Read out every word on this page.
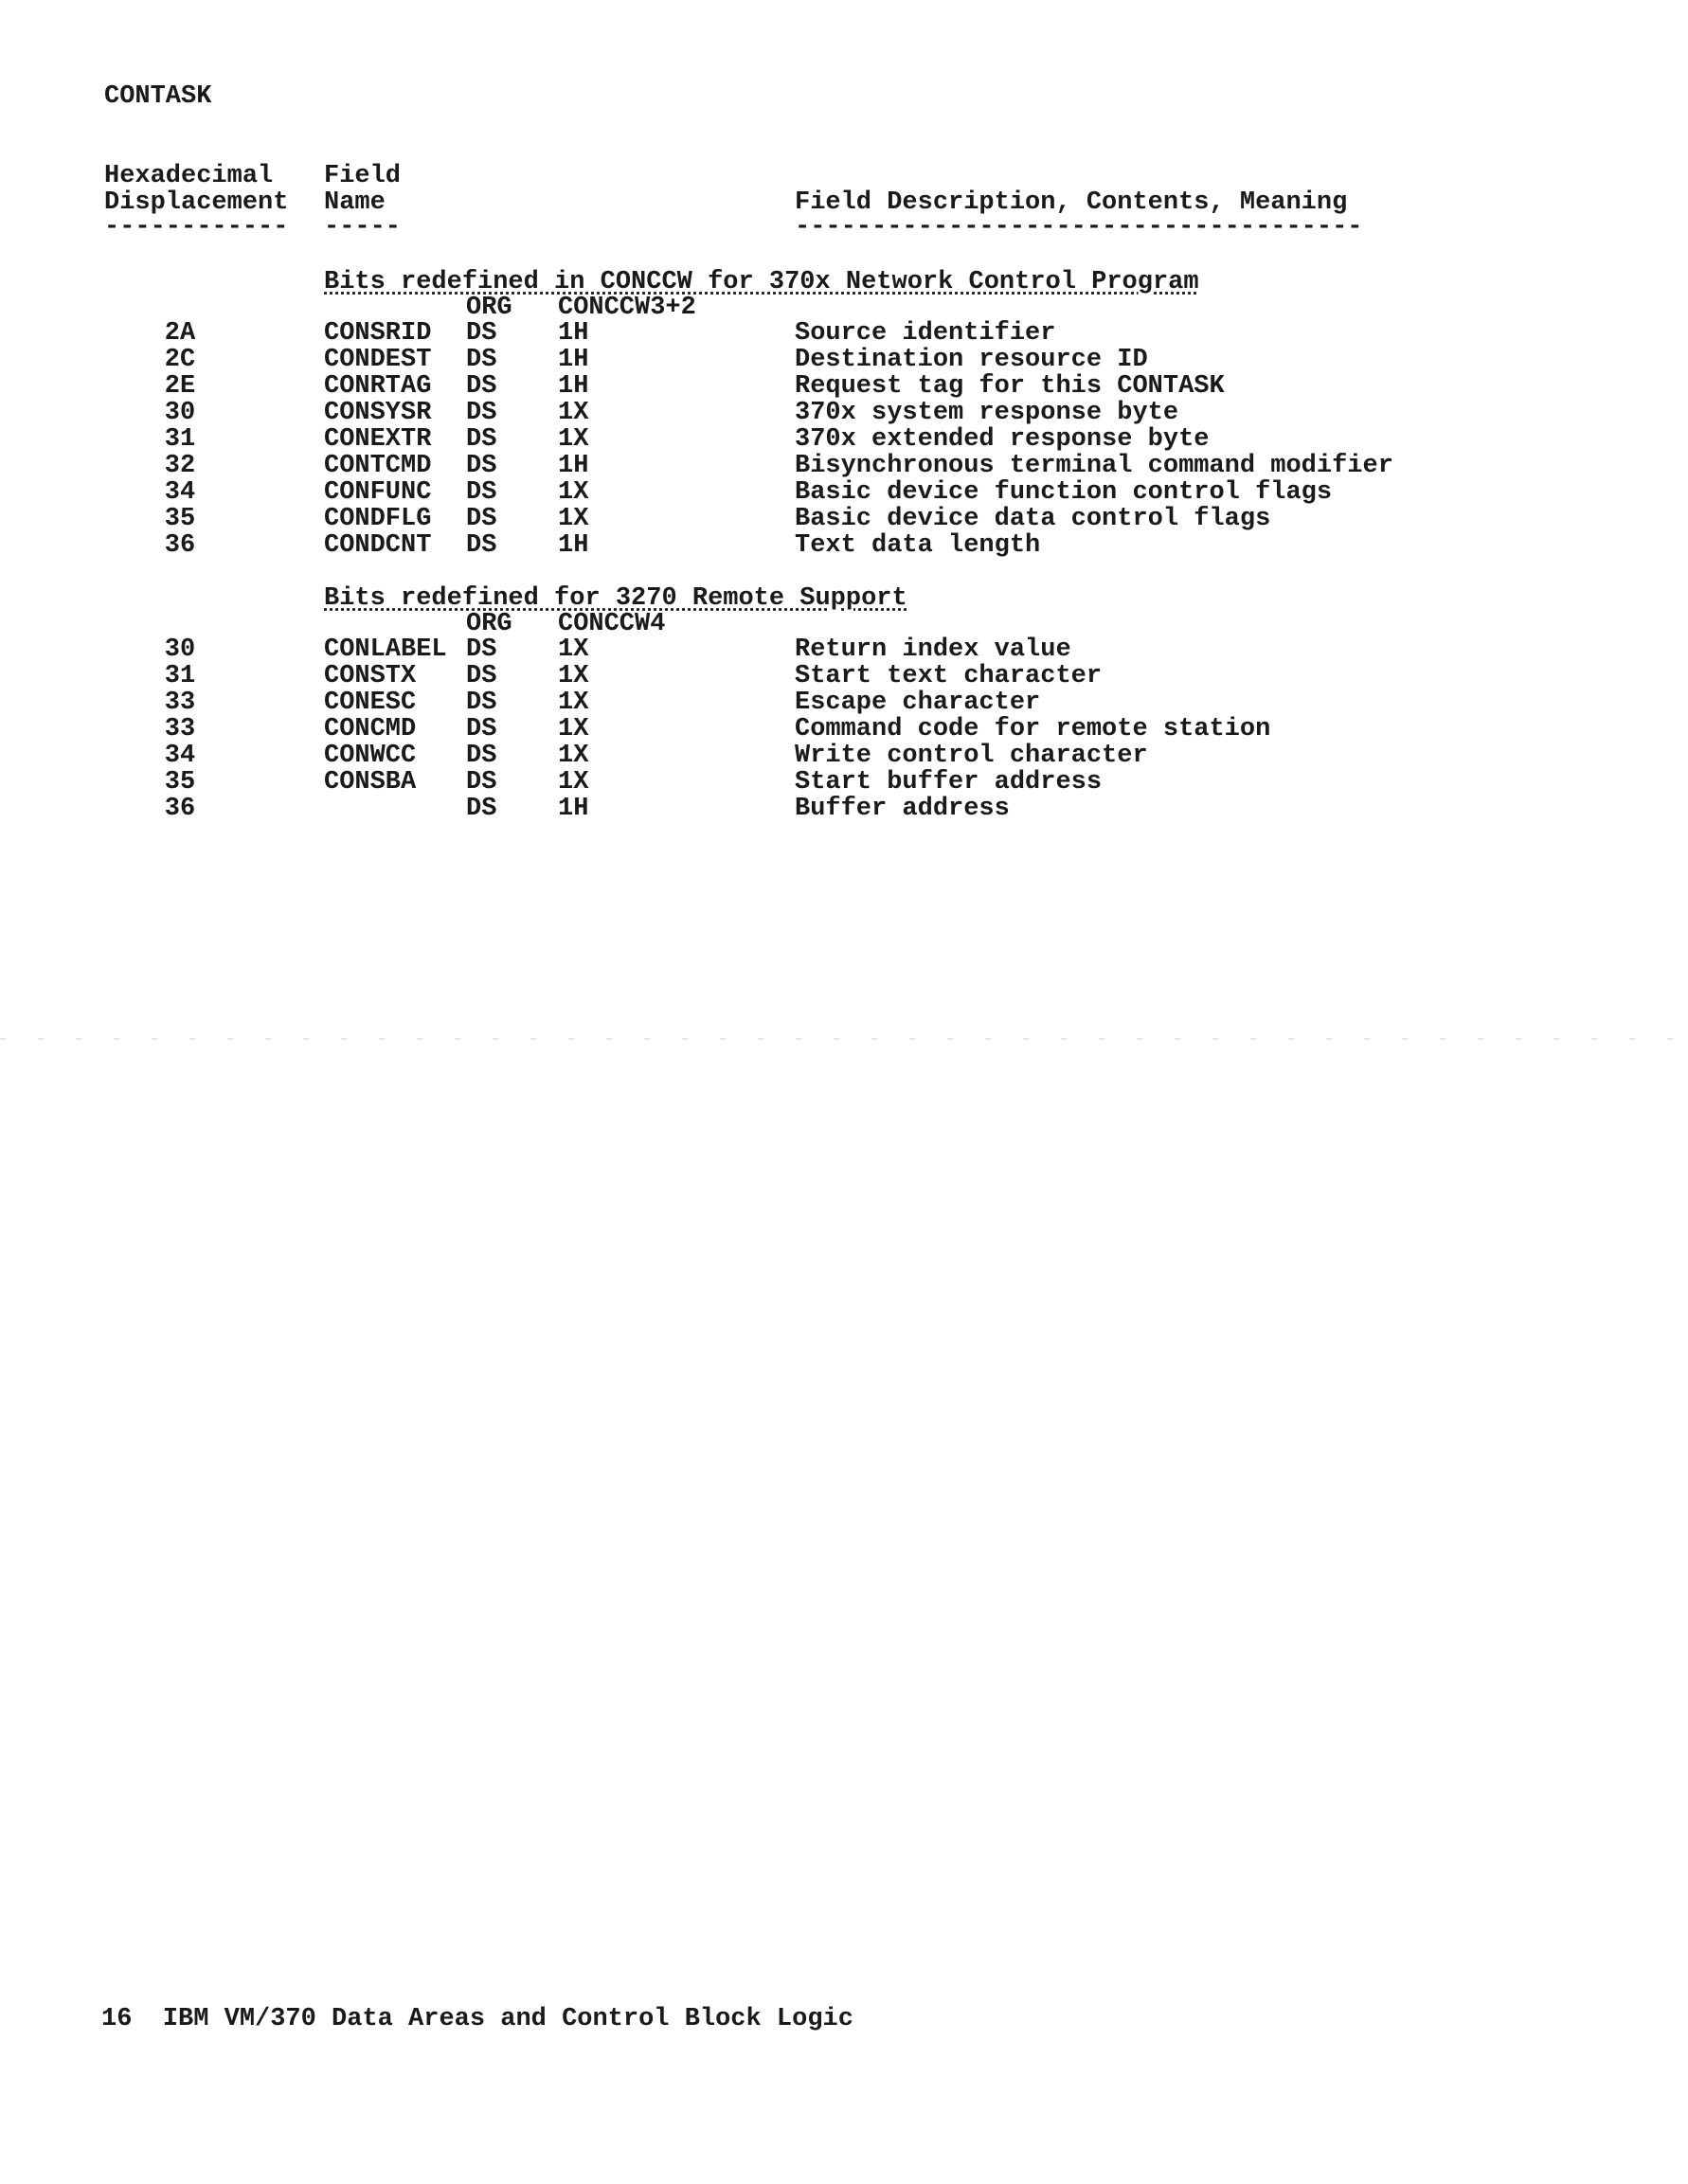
CONTASK
Hexadecimal Field
Displacement Name	Field Description, Contents, Meaning
------------ -----	-------------------------------------
Bits redefined in CONCCW for 370x Network Control Program
ORG CONCCW3+2
2A	CONSRID DS 1H	Source identifier
2C	CONDEST DS 1H	Destination resource ID
2E	CONRTAG DS 1H	Request tag for this CONTASK
30	CONSYSR DS 1X	370x system response byte
31	CONEXTR DS 1X	370x extended response byte
32	CONTCMD DS 1H	Bisynchronous terminal command modifier
34	CONFUNC DS 1X	Basic device function control flags
35	CONDFLG DS 1X	Basic device data control flags
36	CONDCNT DS 1H	Text data length
Bits redefined for 3270 Remote Support
ORG CONCCW4
30	CONLABEL DS 1X	Return index value
31	CONSTX DS 1X	Start text character
33	CONESC DS 1X	Escape character
33	CONCMD DS 1X	Command code for remote station
34	CONWCC DS 1X	Write control character
35	CONSBA DS 1X	Start buffer address
36	DS 1H	Buffer address
16  IBM VM/370 Data Areas and Control Block Logic
